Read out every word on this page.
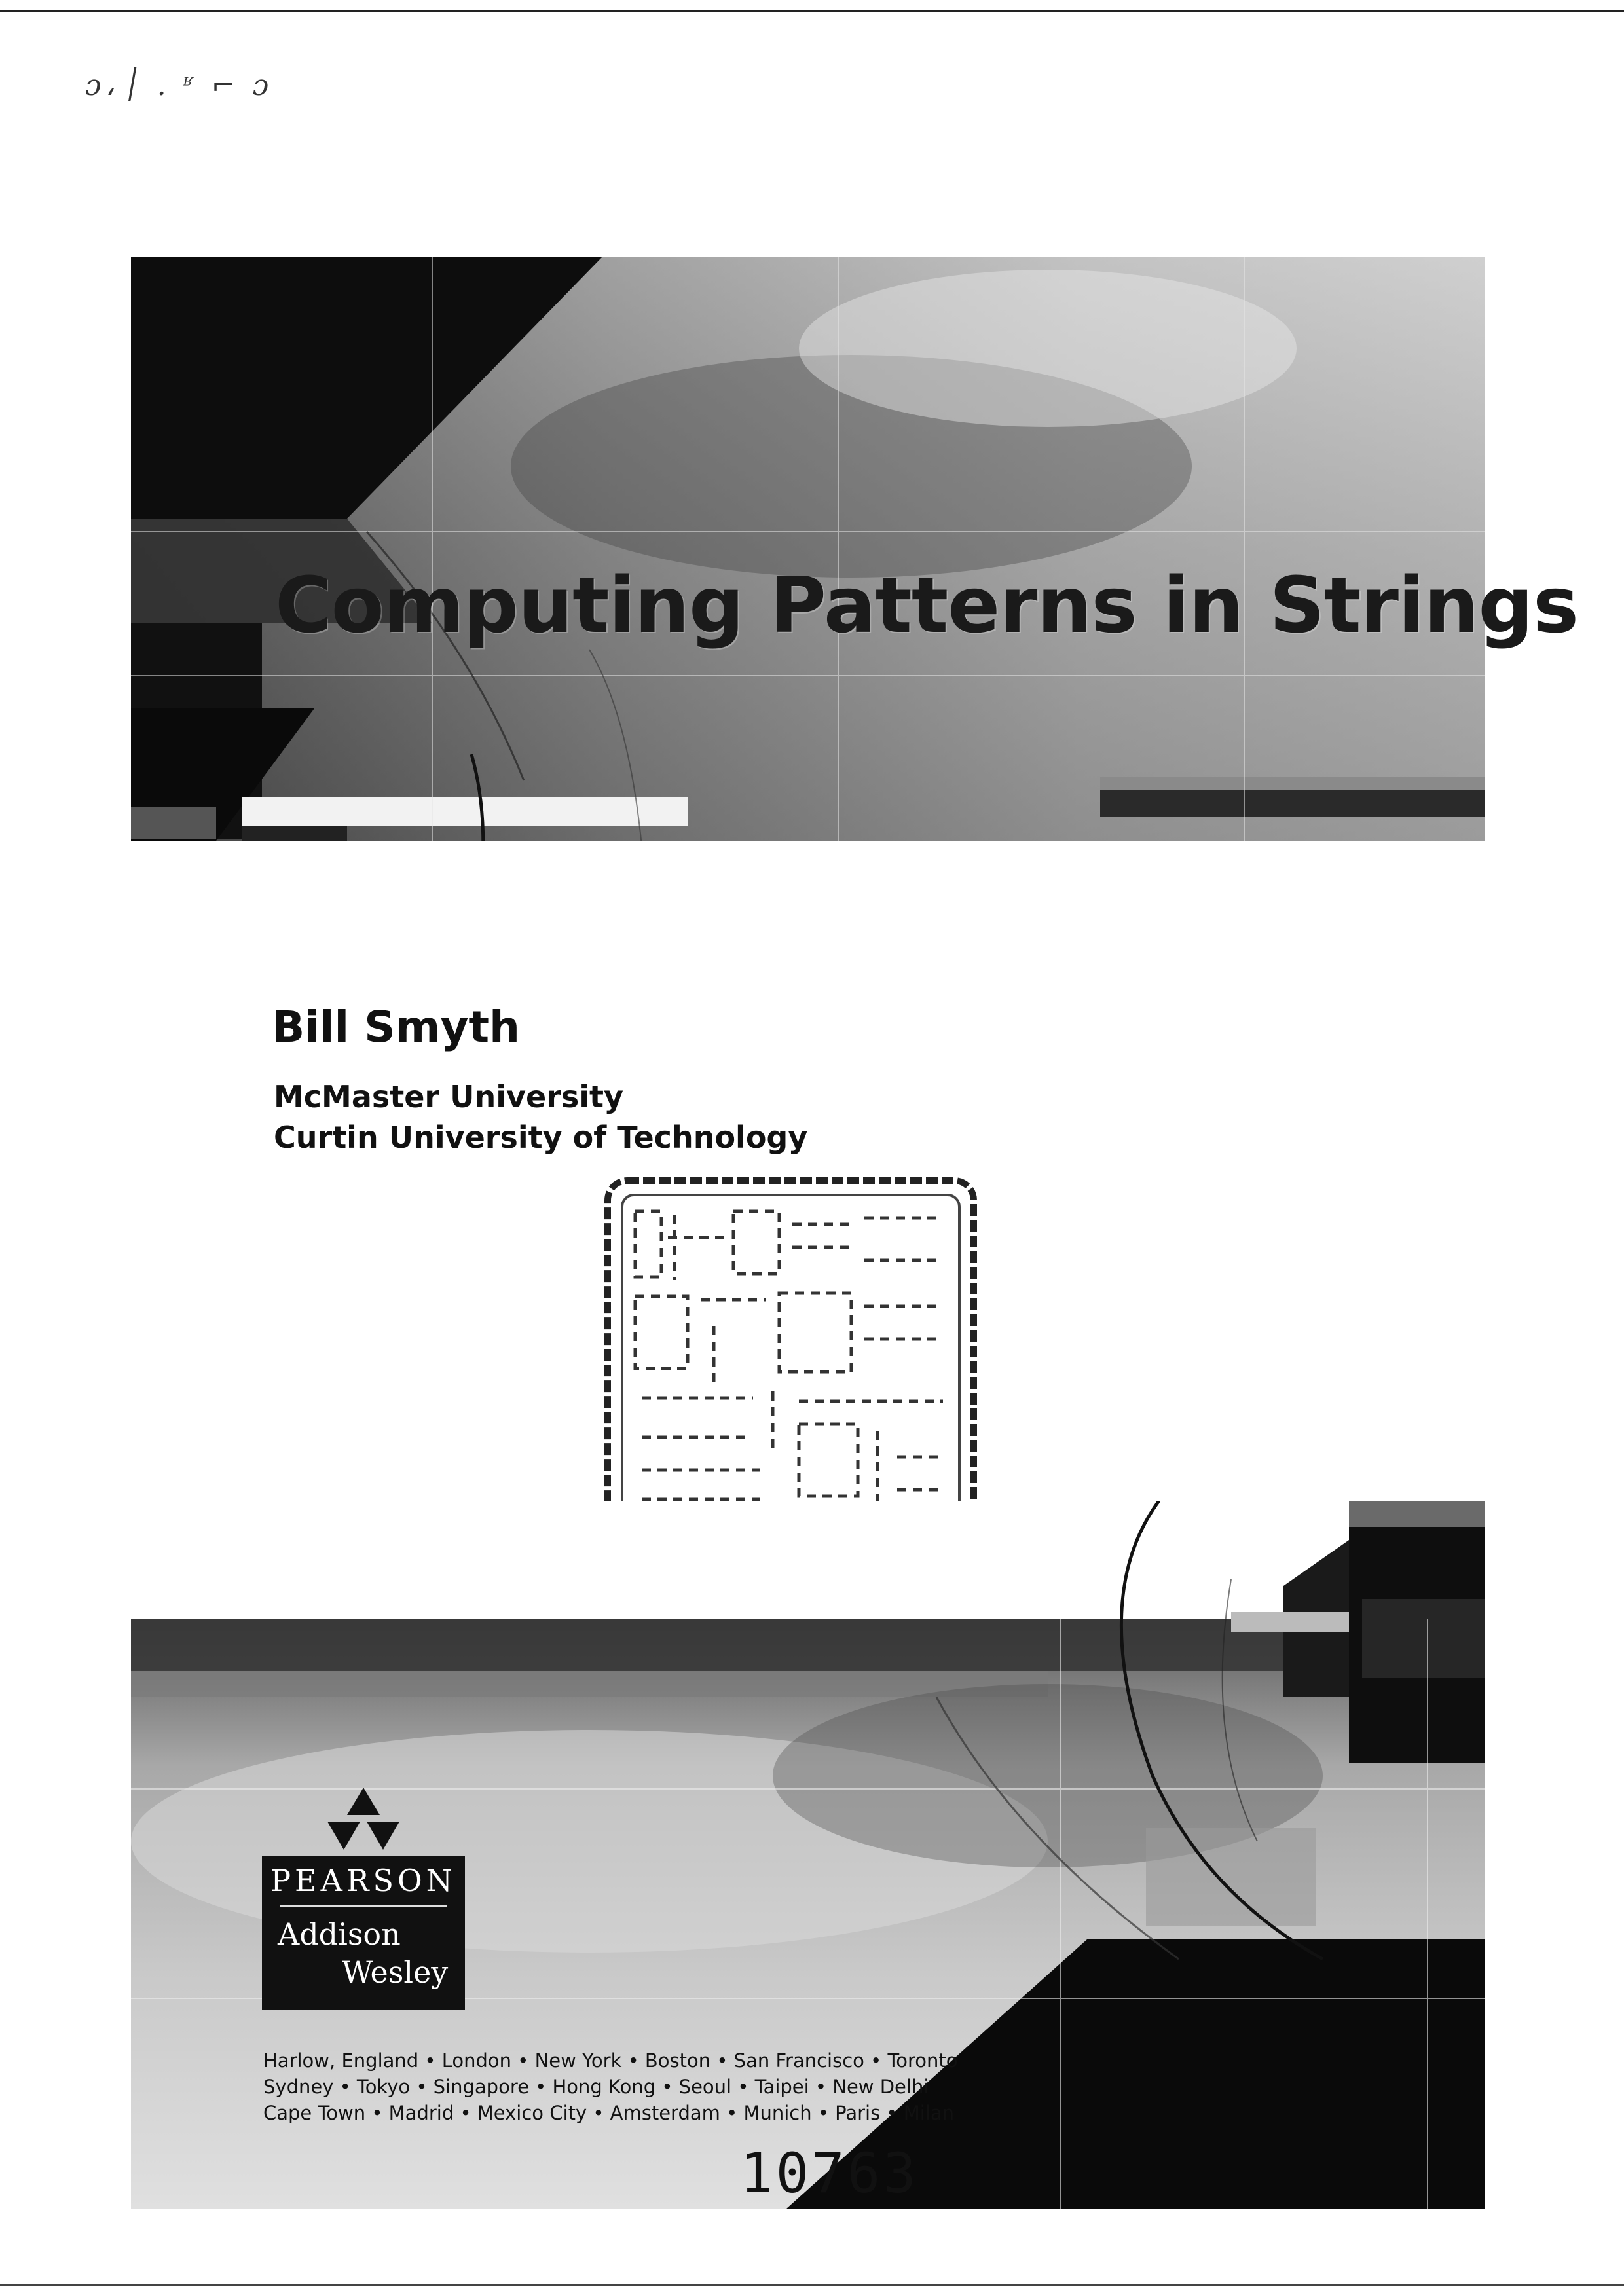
ɔ، ׀ . ʶ ⌐ ɔ
Computing Patterns in Strings
Bill Smyth
McMaster University
Curtin University of Technology
PEARSON
Addison
Wesley
Harlow, England • London • New York • Boston • San Francisco • Toronto
Sydney • Tokyo • Singapore • Hong Kong • Seoul • Taipei • New Delhi
Cape Town • Madrid • Mexico City • Amsterdam • Munich • Paris • Milan
10763
